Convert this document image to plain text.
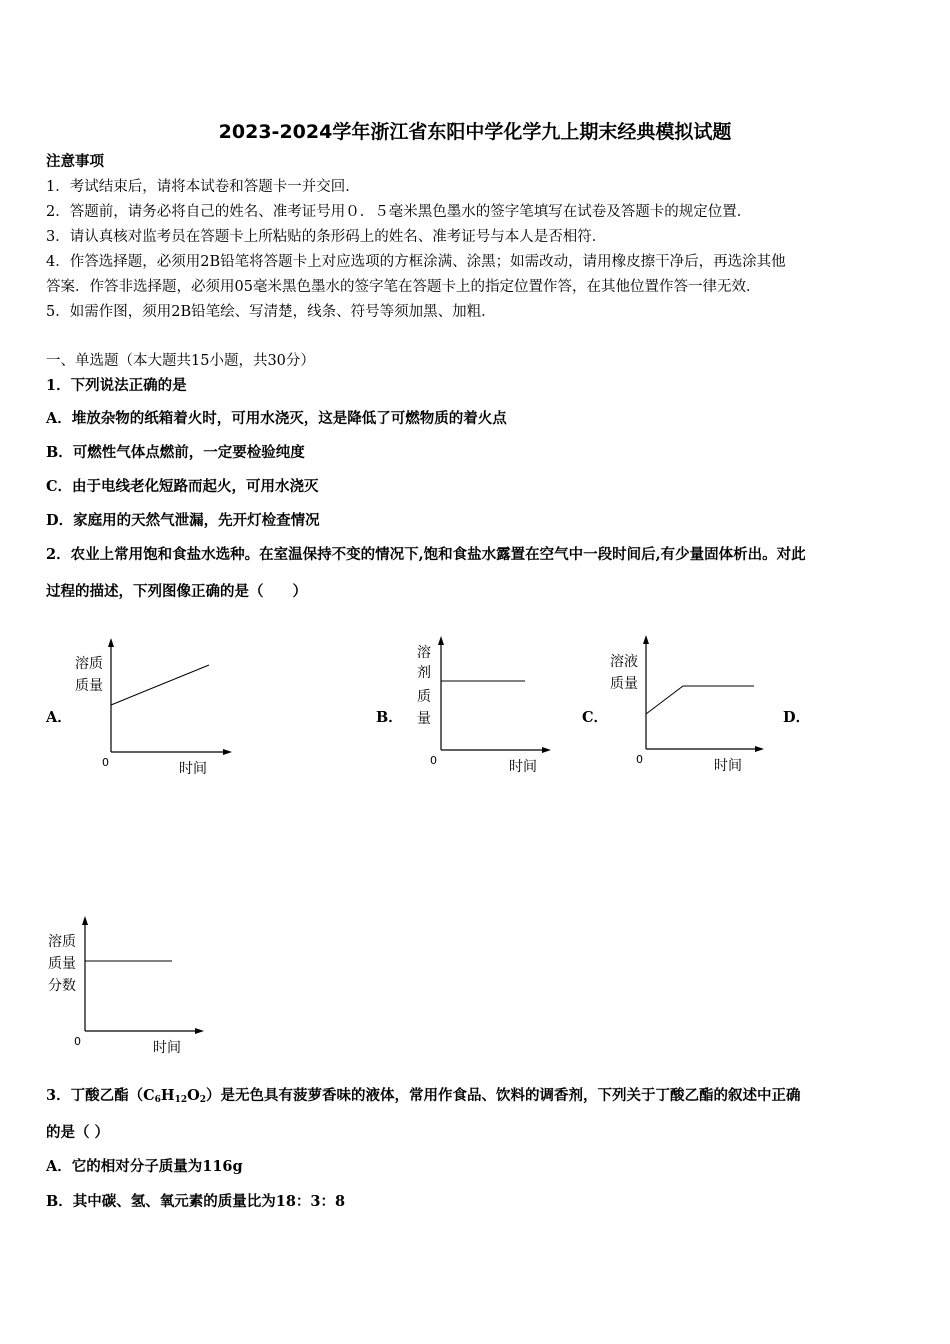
2023-2024学年浙江省东阳中学化学九上期末经典模拟试题
注意事项
1．考试结束后，请将本试卷和答题卡一并交回．
2．答题前，请务必将自己的姓名、准考证号用０．５毫米黑色墨水的签字笔填写在试卷及答题卡的规定位置．
3．请认真核对监考员在答题卡上所粘贴的条形码上的姓名、准考证号与本人是否相符．
4．作答选择题，必须用2B铅笔将答题卡上对应选项的方框涂满、涂黑；如需改动，请用橡皮擦干净后，再选涂其他
答案．作答非选择题，必须用05毫米黑色墨水的签字笔在答题卡上的指定位置作答，在其他位置作答一律无效．
5．如需作图，须用2B铅笔绘、写清楚，线条、符号等须加黑、加粗．
一、单选题（本大题共15小题，共30分）
1．下列说法正确的是
A．堆放杂物的纸箱着火时，可用水浇灭，这是降低了可燃物质的着火点
B．可燃性气体点燃前，一定要检验纯度
C．由于电线老化短路而起火，可用水浇灭
D．家庭用的天然气泄漏，先开灯检查情况
2．农业上常用饱和食盐水选种。在室温保持不变的情况下,饱和食盐水露置在空气中一段时间后,有少量固体析出。对此
过程的描述，下列图像正确的是（　　）
A．	B．	C．	D．
溶质
质量
0	时间
溶
剂
质
量
0	时间
溶液
质量
0	时间
溶质
质量
分数
0	时间
3．丁酸乙酯$(C_6H_{12}O_2)$是无色具有菠萝香味的液体，常用作食品、饮料的调香剂，下列关于丁酸乙酯的叙述中正确
的是（ ）
A．它的相对分子质量为116g
B．其中碳、氢、氧元素的质量比为18：3：8
